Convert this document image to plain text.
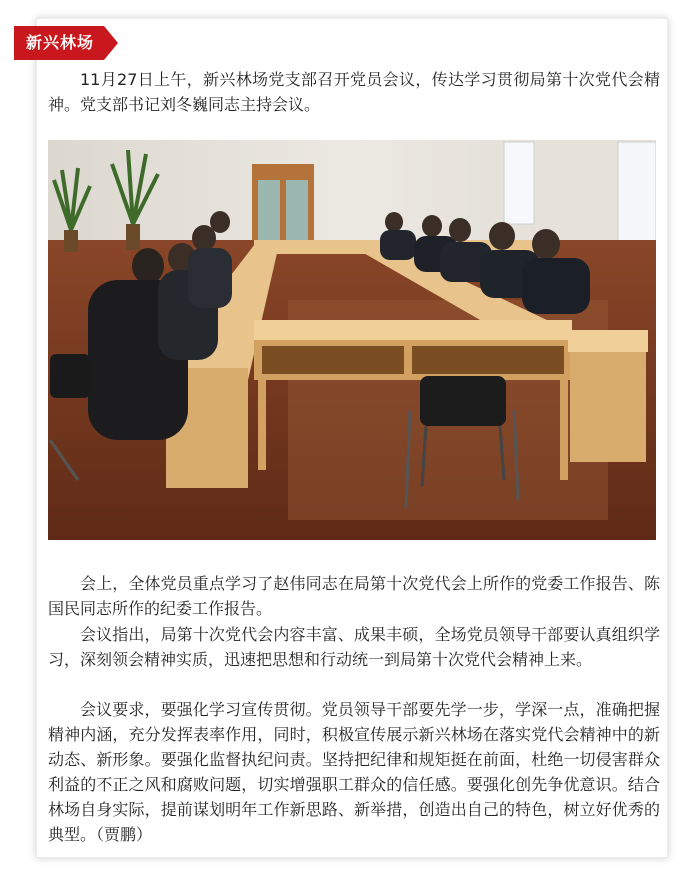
新兴林场

11月27日上午，新兴林场党支部召开党员会议，传达学习贯彻局第十次党代会精神。党支部书记刘冬巍同志主持会议。

会上，全体党员重点学习了赵伟同志在局第十次党代会上所作的党委工作报告、陈国民同志所作的纪委工作报告。

会议指出，局第十次党代会内容丰富、成果丰硕，全场党员领导干部要认真组织学习，深刻领会精神实质，迅速把思想和行动统一到局第十次党代会精神上来。

会议要求，要强化学习宣传贯彻。党员领导干部要先学一步，学深一点，准确把握精神内涵，充分发挥表率作用，同时，积极宣传展示新兴林场在落实党代会精神中的新动态、新形象。要强化监督执纪问责。坚持把纪律和规矩挺在前面，杜绝一切侵害群众利益的不正之风和腐败问题，切实增强职工群众的信任感。要强化创先争优意识。结合林场自身实际，提前谋划明年工作新思路、新举措，创造出自己的特色，树立好优秀的典型。（贾鹏）
